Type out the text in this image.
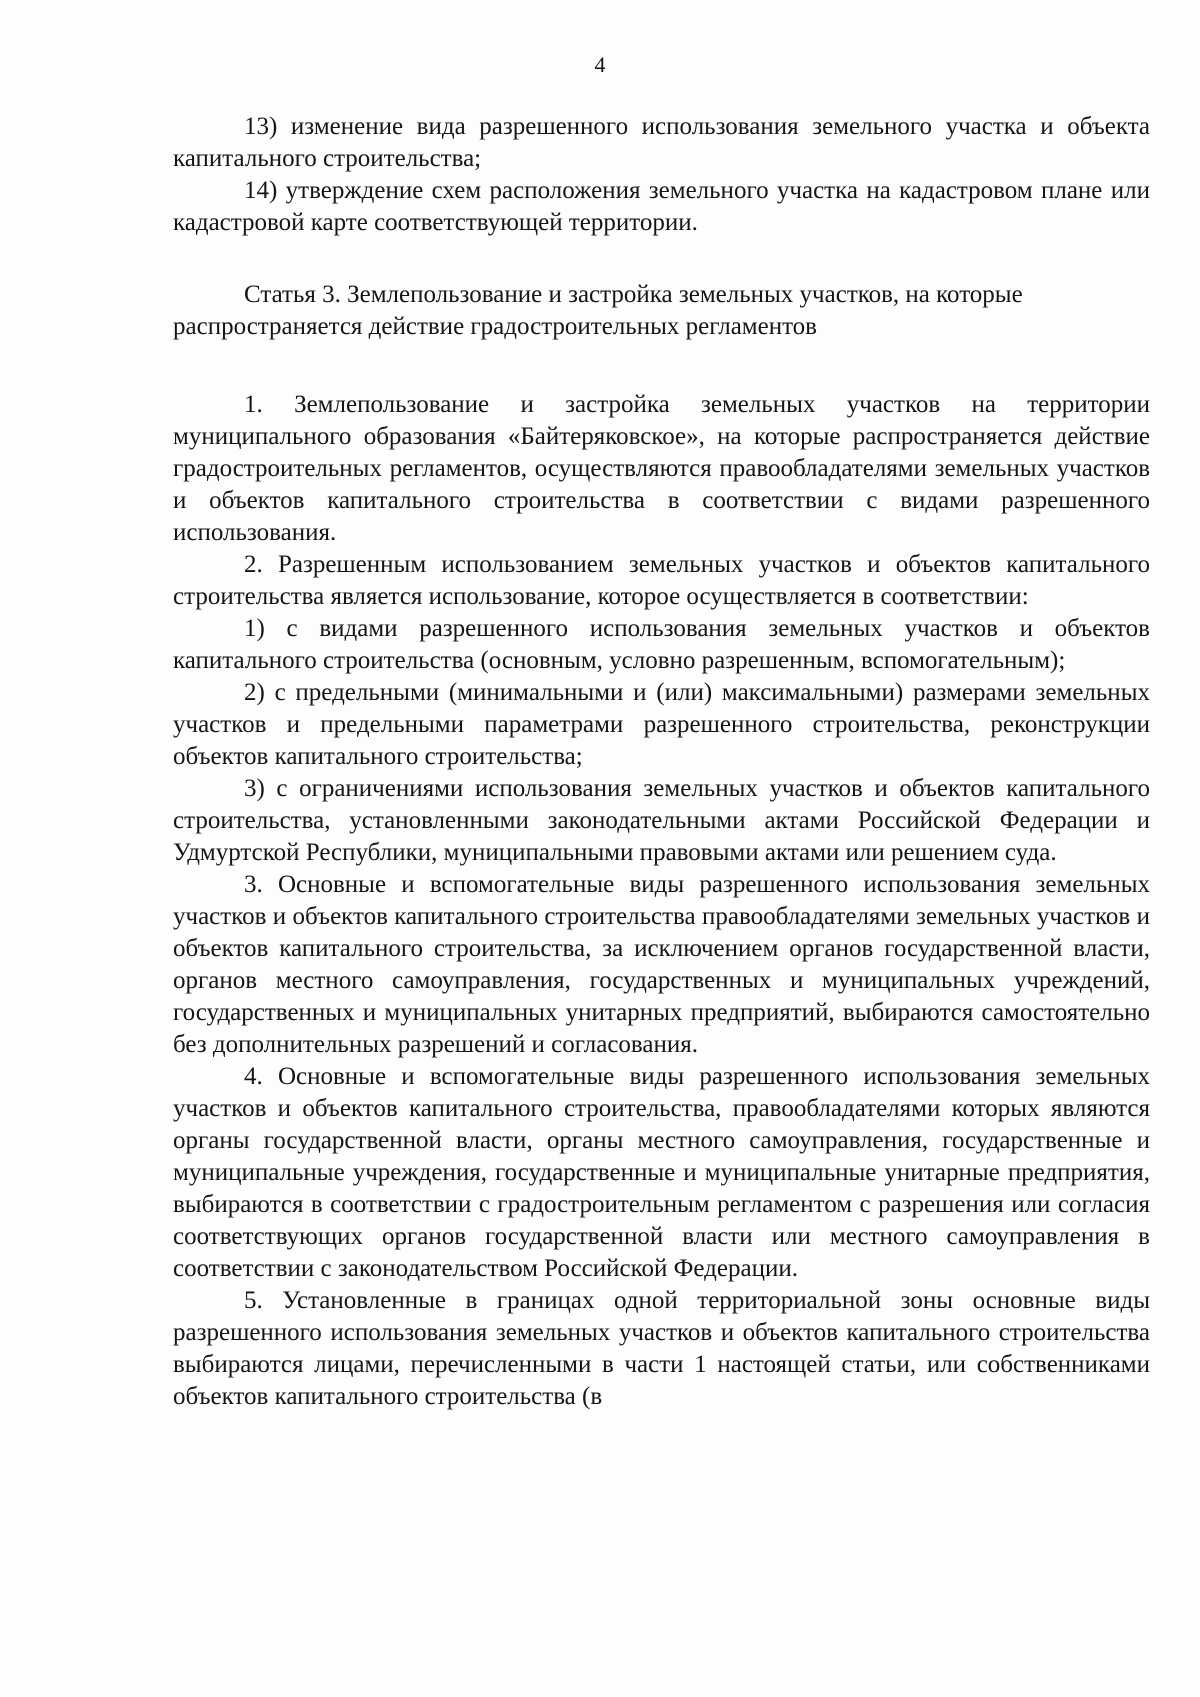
4

13) изменение вида разрешенного использования земельного участка и объекта капитального строительства;

14) утверждение схем расположения земельного участка на кадастровом плане или кадастровой карте соответствующей территории.

Статья 3. Землепользование и застройка земельных участков, на которые распространяется действие градостроительных регламентов

1. Землепользование и застройка земельных участков на территории муниципального образования «Байтеряковское», на которые распространяется действие градостроительных регламентов, осуществляются правообладателями земельных участков и объектов капитального строительства в соответствии с видами разрешенного использования.

2. Разрешенным использованием земельных участков и объектов капитального строительства является использование, которое осуществляется в соответствии:

1) с видами разрешенного использования земельных участков и объектов капитального строительства (основным, условно разрешенным, вспомогательным);

2) с предельными (минимальными и (или) максимальными) размерами земельных участков и предельными параметрами разрешенного строительства, реконструкции объектов капитального строительства;

3) с ограничениями использования земельных участков и объектов капитального строительства, установленными законодательными актами Российской Федерации и Удмуртской Республики, муниципальными правовыми актами или решением суда.

3. Основные и вспомогательные виды разрешенного использования земельных участков и объектов капитального строительства правообладателями земельных участков и объектов капитального строительства, за исключением органов государственной власти, органов местного самоуправления, государственных и муниципальных учреждений, государственных и муниципальных унитарных предприятий, выбираются самостоятельно без дополнительных разрешений и согласования.

4. Основные и вспомогательные виды разрешенного использования земельных участков и объектов капитального строительства, правообладателями которых являются органы государственной власти, органы местного самоуправления, государственные и муниципальные учреждения, государственные и муниципальные унитарные предприятия, выбираются в соответствии с градостроительным регламентом с разрешения или согласия соответствующих органов государственной власти или местного самоуправления в соответствии с законодательством Российской Федерации.

5. Установленные в границах одной территориальной зоны основные виды разрешенного использования земельных участков и объектов капитального строительства выбираются лицами, перечисленными в части 1 настоящей статьи, или собственниками объектов капитального строительства (в
